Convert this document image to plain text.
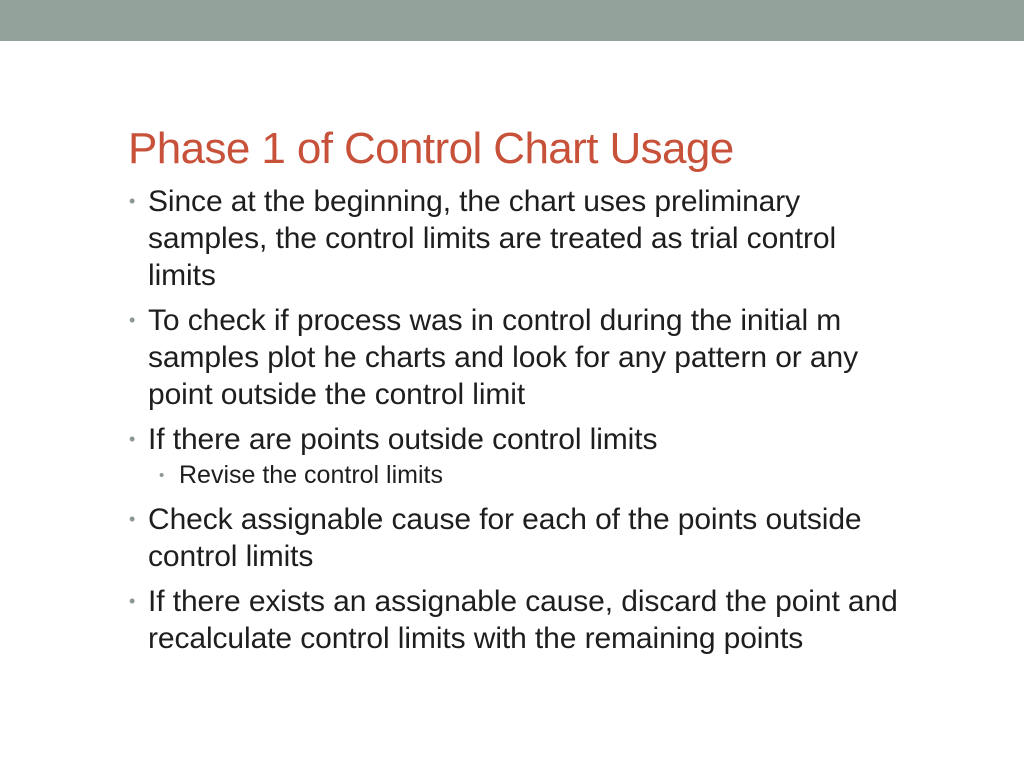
Phase 1 of Control Chart Usage
• Since at the beginning, the chart uses preliminary samples, the control limits are treated as trial control limits
• To check if process was in control during the initial m samples plot he charts and look for any pattern or any point outside the control limit
• If there are points outside control limits
• Revise the control limits
• Check assignable cause for each of the points outside control limits
• If there exists an assignable cause, discard the point and recalculate control limits with the remaining points
